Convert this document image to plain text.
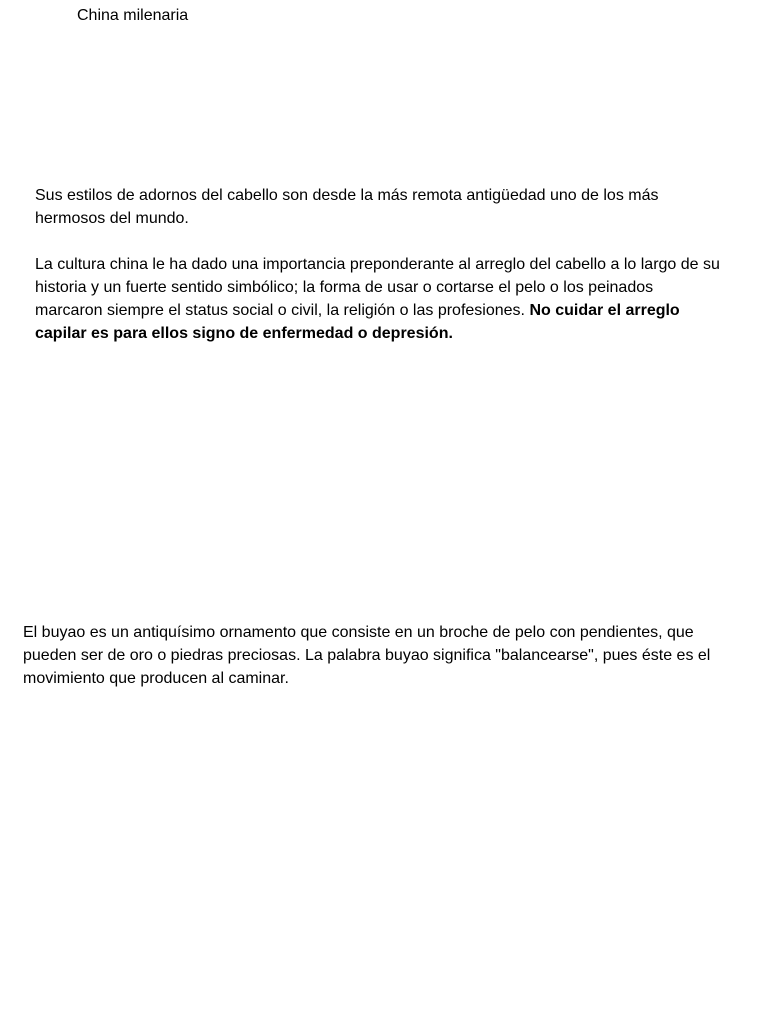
China milenaria

Sus estilos de adornos del cabello son desde la más remota antigüedad uno de los más hermosos del mundo.

La cultura china le ha dado una importancia preponderante al arreglo del cabello a lo largo de su historia y un fuerte sentido simbólico; la forma de usar o cortarse el pelo o los peinados marcaron siempre el status social o civil, la religión o las profesiones. No cuidar el arreglo capilar es para ellos signo de enfermedad o depresión.

El buyao es un antiquísimo ornamento que consiste en un broche de pelo con pendientes, que pueden ser de oro o piedras preciosas. La palabra buyao significa "balancearse", pues éste es el movimiento que producen al caminar.
